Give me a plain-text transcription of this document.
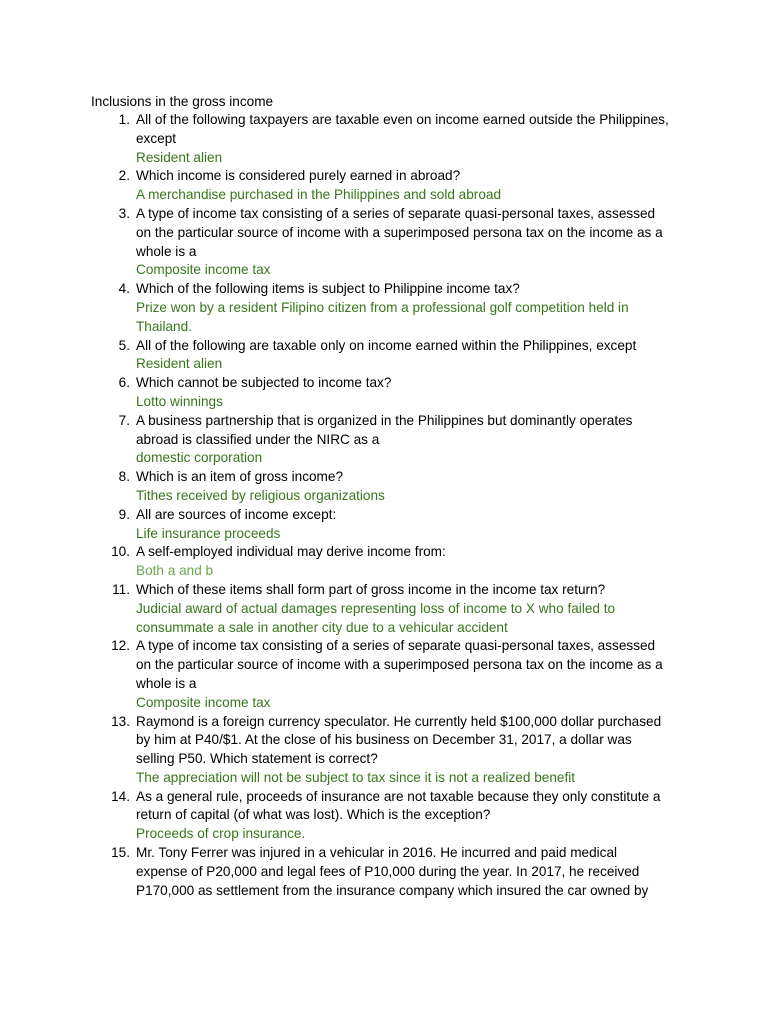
Inclusions in the gross income
1. All of the following taxpayers are taxable even on income earned outside the Philippines,
except
Resident alien
2. Which income is considered purely earned in abroad?
A merchandise purchased in the Philippines and sold abroad
3. A type of income tax consisting of a series of separate quasi-personal taxes, assessed
on the particular source of income with a superimposed persona tax on the income as a
whole is a
Composite income tax
4. Which of the following items is subject to Philippine income tax?
Prize won by a resident Filipino citizen from a professional golf competition held in
Thailand.
5. All of the following are taxable only on income earned within the Philippines, except
Resident alien
6. Which cannot be subjected to income tax?
Lotto winnings
7. A business partnership that is organized in the Philippines but dominantly operates
abroad is classified under the NIRC as a
domestic corporation
8. Which is an item of gross income?
Tithes received by religious organizations
9. All are sources of income except:
Life insurance proceeds
10. A self-employed individual may derive income from:
Both a and b
11. Which of these items shall form part of gross income in the income tax return?
Judicial award of actual damages representing loss of income to X who failed to
consummate a sale in another city due to a vehicular accident
12. A type of income tax consisting of a series of separate quasi-personal taxes, assessed
on the particular source of income with a superimposed persona tax on the income as a
whole is a
Composite income tax
13. Raymond is a foreign currency speculator. He currently held $100,000 dollar purchased
by him at P40/$1. At the close of his business on December 31, 2017, a dollar was
selling P50. Which statement is correct?
The appreciation will not be subject to tax since it is not a realized benefit
14. As a general rule, proceeds of insurance are not taxable because they only constitute a
return of capital (of what was lost). Which is the exception?
Proceeds of crop insurance.
15. Mr. Tony Ferrer was injured in a vehicular in 2016. He incurred and paid medical
expense of P20,000 and legal fees of P10,000 during the year. In 2017, he received
P170,000 as settlement from the insurance company which insured the car owned by
